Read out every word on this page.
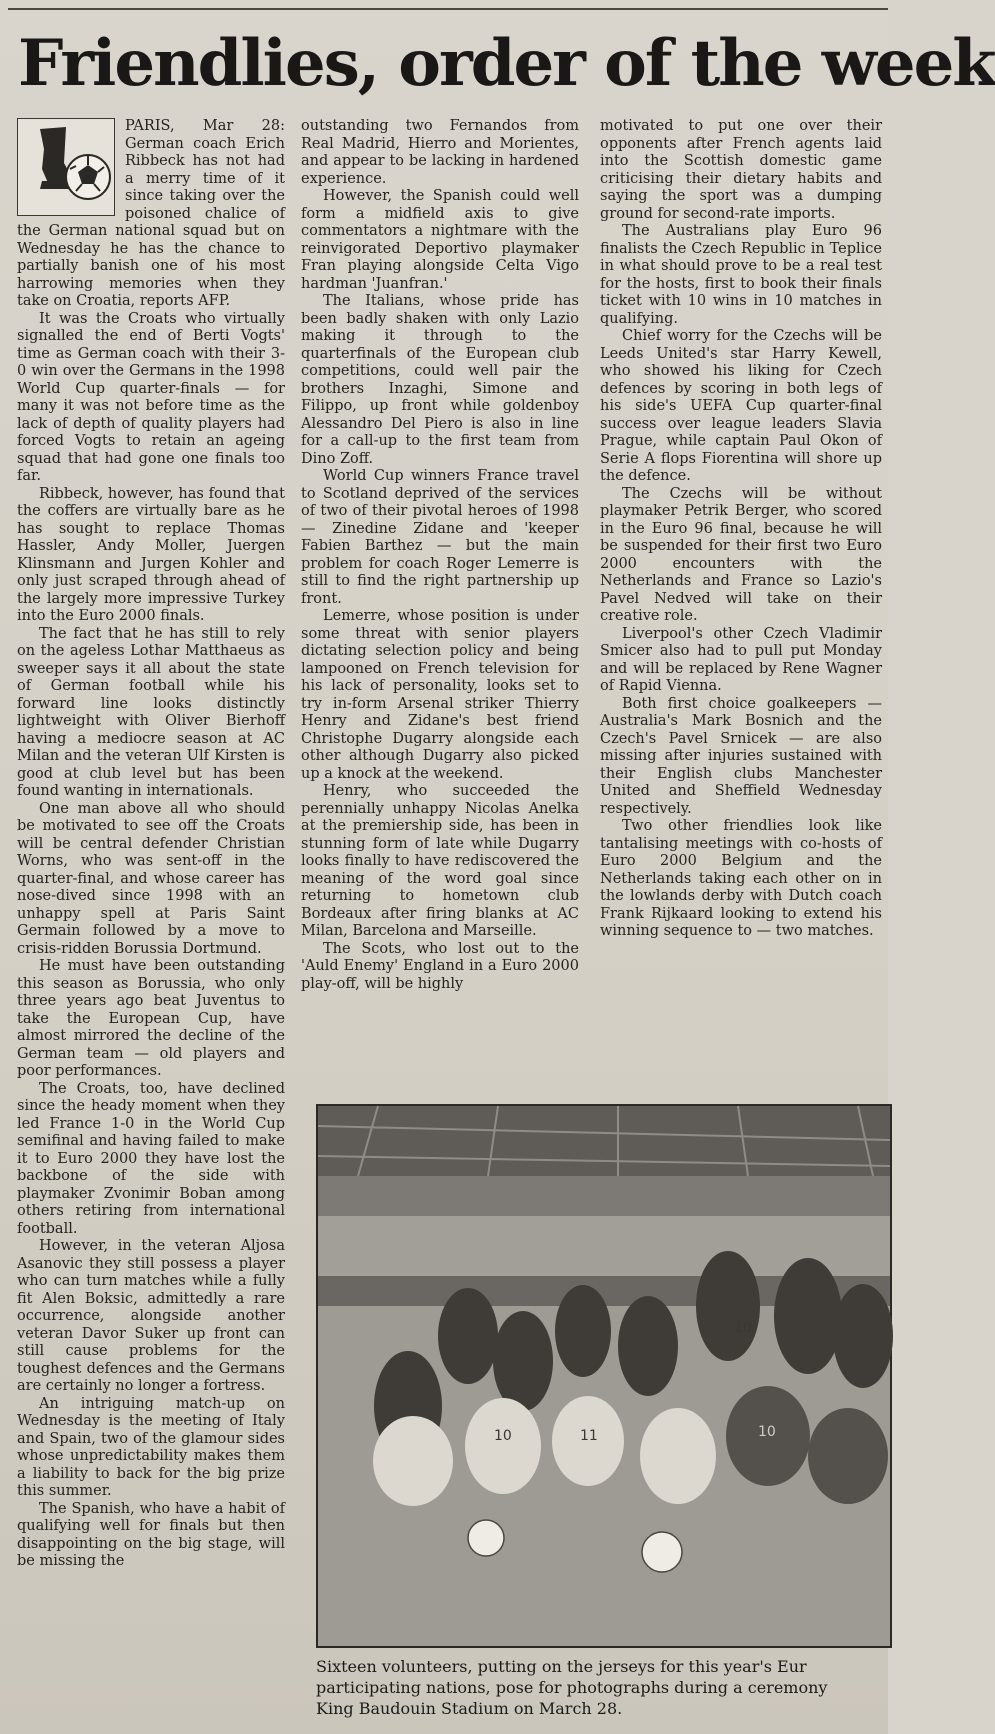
Friendlies, order of the week

PARIS, Mar 28: German coach Erich Ribbeck has not had a merry time of it since taking over the poisoned chalice of the German national squad but on Wednesday he has the chance to partially banish one of his most harrowing memories when they take on Croatia, reports AFP.

It was the Croats who virtually signalled the end of Berti Vogts' time as German coach with their 3-0 win over the Germans in the 1998 World Cup quarter-finals — for many it was not before time as the lack of depth of quality players had forced Vogts to retain an ageing squad that had gone one finals too far.

Ribbeck, however, has found that the coffers are virtually bare as he has sought to replace Thomas Hassler, Andy Moller, Juergen Klinsmann and Jurgen Kohler and only just scraped through ahead of the largely more impressive Turkey into the Euro 2000 finals.

The fact that he has still to rely on the ageless Lothar Matthaeus as sweeper says it all about the state of German football while his forward line looks distinctly lightweight with Oliver Bierhoff having a mediocre season at AC Milan and the veteran Ulf Kirsten is good at club level but has been found wanting in internationals.

One man above all who should be motivated to see off the Croats will be central defender Christian Worns, who was sent-off in the quarter-final, and whose career has nose-dived since 1998 with an unhappy spell at Paris Saint Germain followed by a move to crisis-ridden Borussia Dortmund.

He must have been outstanding this season as Borussia, who only three years ago beat Juventus to take the European Cup, have almost mirrored the decline of the German team — old players and poor performances.

The Croats, too, have declined since the heady moment when they led France 1-0 in the World Cup semifinal and having failed to make it to Euro 2000 they have lost the backbone of the side with playmaker Zvonimir Boban among others retiring from international football.

However, in the veteran Aljosa Asanovic they still possess a player who can turn matches while a fully fit Alen Boksic, admittedly a rare occurrence, alongside another veteran Davor Suker up front can still cause problems for the toughest defences and the Germans are certainly no longer a fortress.

An intriguing match-up on Wednesday is the meeting of Italy and Spain, two of the glamour sides whose unpredictability makes them a liability to back for the big prize this summer.

The Spanish, who have a habit of qualifying well for finals but then disappointing on the big stage, will be missing the

outstanding two Fernandos from Real Madrid, Hierro and Morientes, and appear to be lacking in hardened experience.

However, the Spanish could well form a midfield axis to give commentators a nightmare with the reinvigorated Deportivo playmaker Fran playing alongside Celta Vigo hardman 'Juanfran.'

The Italians, whose pride has been badly shaken with only Lazio making it through to the quarterfinals of the European club competitions, could well pair the brothers Inzaghi, Simone and Filippo, up front while goldenboy Alessandro Del Piero is also in line for a call-up to the first team from Dino Zoff.

World Cup winners France travel to Scotland deprived of the services of two of their pivotal heroes of 1998 — Zinedine Zidane and 'keeper Fabien Barthez — but the main problem for coach Roger Lemerre is still to find the right partnership up front.

Lemerre, whose position is under some threat with senior players dictating selection policy and being lampooned on French television for his lack of personality, looks set to try in-form Arsenal striker Thierry Henry and Zidane's best friend Christophe Dugarry alongside each other although Dugarry also picked up a knock at the weekend.

Henry, who succeeded the perennially unhappy Nicolas Anelka at the premiership side, has been in stunning form of late while Dugarry looks finally to have rediscovered the meaning of the word goal since returning to hometown club Bordeaux after firing blanks at AC Milan, Barcelona and Marseille.

The Scots, who lost out to the 'Auld Enemy' England in a Euro 2000 play-off, will be highly

motivated to put one over their opponents after French agents laid into the Scottish domestic game criticising their dietary habits and saying the sport was a dumping ground for second-rate imports.

The Australians play Euro 96 finalists the Czech Republic in Teplice in what should prove to be a real test for the hosts, first to book their finals ticket with 10 wins in 10 matches in qualifying.

Chief worry for the Czechs will be Leeds United's star Harry Kewell, who showed his liking for Czech defences by scoring in both legs of his side's UEFA Cup quarter-final success over league leaders Slavia Prague, while captain Paul Okon of Serie A flops Fiorentina will shore up the defence.

The Czechs will be without playmaker Petrik Berger, who scored in the Euro 96 final, because he will be suspended for their first two Euro 2000 encounters with the Netherlands and France so Lazio's Pavel Nedved will take on their creative role.

Liverpool's other Czech Vladimir Smicer also had to pull put Monday and will be replaced by Rene Wagner of Rapid Vienna.

Both first choice goalkeepers — Australia's Mark Bosnich and the Czech's Pavel Srnicek — are also missing after injuries sustained with their English clubs Manchester United and Sheffield Wednesday respectively.

Two other friendlies look like tantalising meetings with co-hosts of Euro 2000 Belgium and the Netherlands taking each other on in the lowlands derby with Dutch coach Frank Rijkaard looking to extend his winning sequence to — two matches.

10
10
11	10
Sixteen volunteers, putting on the jerseys for this year's Eur
participating nations, pose for photographs during a ceremony
King Baudouin Stadium on March 28.
